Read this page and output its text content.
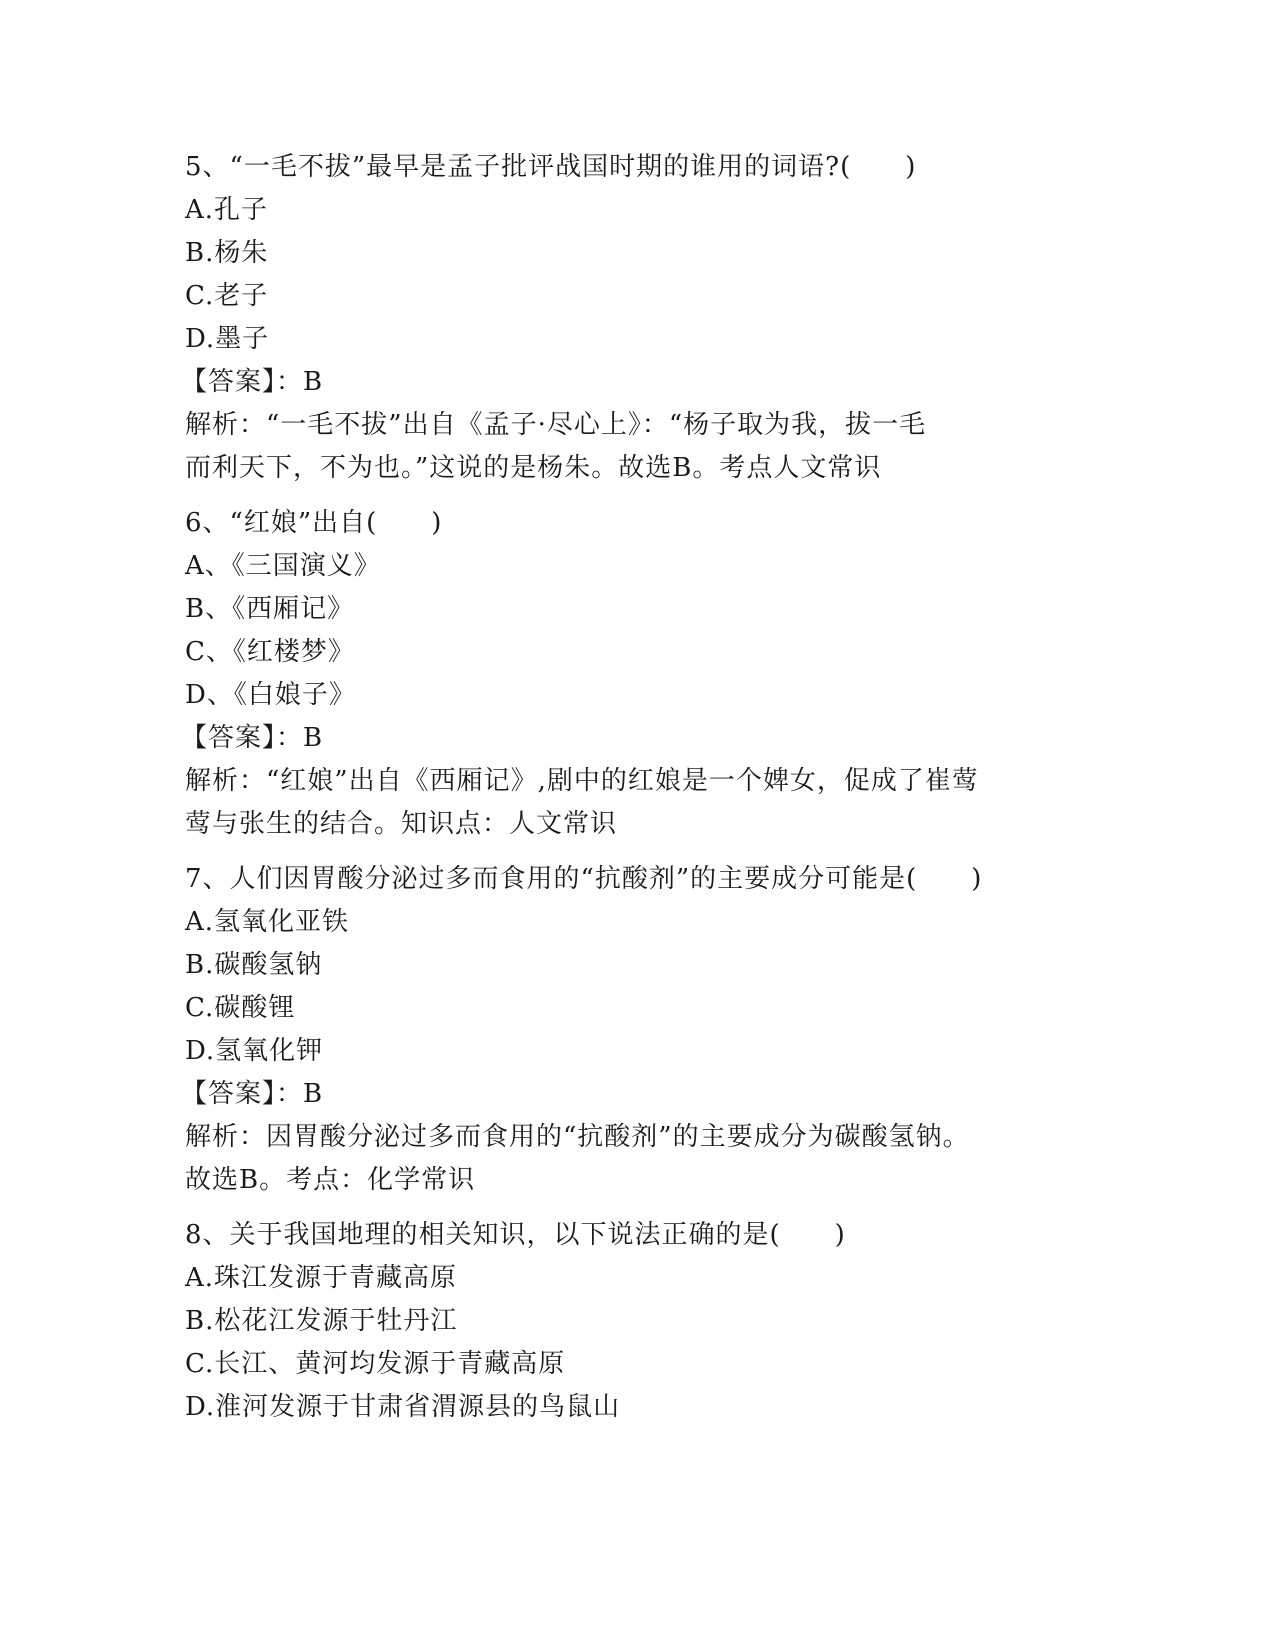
5、“一毛不拔”最早是孟子批评战国时期的谁用的词语?(　　)
A.孔子
B.杨朱
C.老子
D.墨子
【答案】：B
解析：“一毛不拔”出自《孟子·尽心上》：“杨子取为我，拔一毛
而利天下，不为也。”这说的是杨朱。故选B。考点人文常识
6、“红娘”出自(　　)
A、《三国演义》
B、《西厢记》
C、《红楼梦》
D、《白娘子》
【答案】：B
解析：“红娘”出自《西厢记》,剧中的红娘是一个婢女，促成了崔莺
莺与张生的结合。知识点：人文常识
7、人们因胃酸分泌过多而食用的“抗酸剂”的主要成分可能是(　　)
A.氢氧化亚铁
B.碳酸氢钠
C.碳酸锂
D.氢氧化钾
【答案】：B
解析：因胃酸分泌过多而食用的“抗酸剂”的主要成分为碳酸氢钠。
故选B。考点：化学常识
8、关于我国地理的相关知识，以下说法正确的是(　　)
A.珠江发源于青藏高原
B.松花江发源于牡丹江
C.长江、黄河均发源于青藏高原
D.淮河发源于甘肃省渭源县的鸟鼠山
